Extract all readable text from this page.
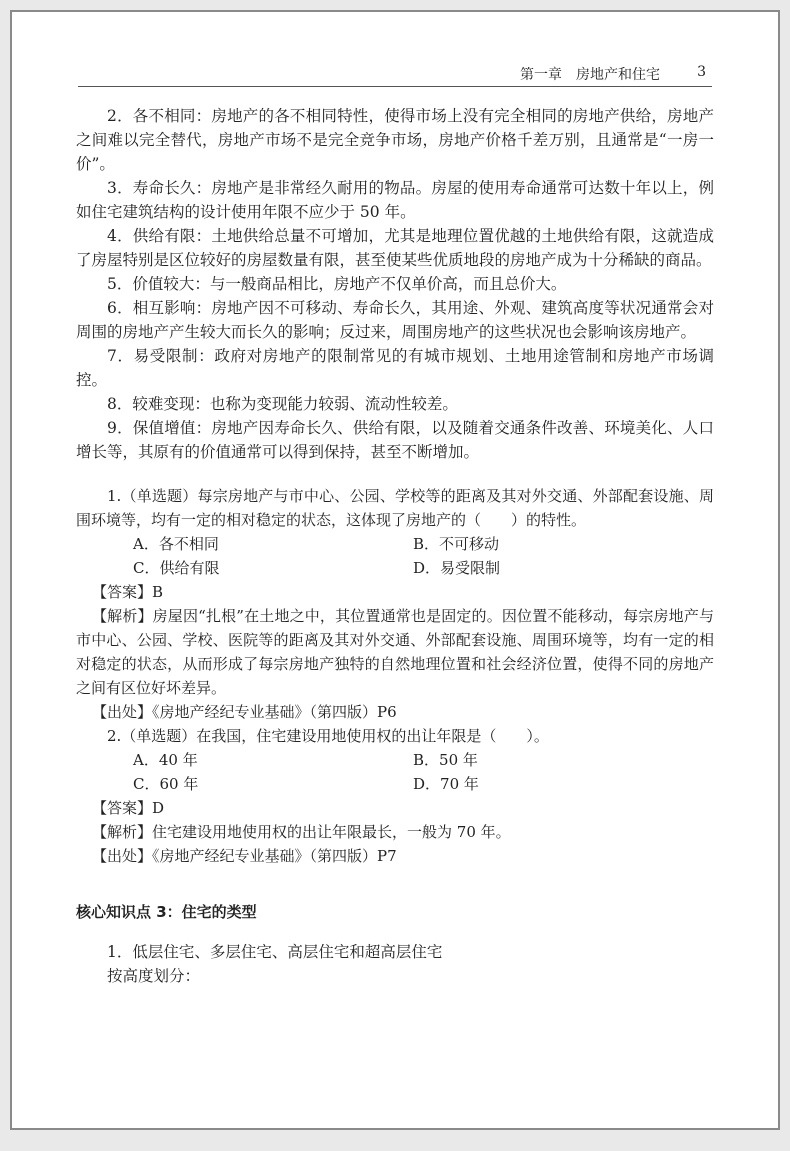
第一章　房地产和住宅	3

2．各不相同：房地产的各不相同特性，使得市场上没有完全相同的房地产供给，房地产之间难以完全替代，房地产市场不是完全竞争市场，房地产价格千差万别，且通常是“一房一价”。

3．寿命长久：房地产是非常经久耐用的物品。房屋的使用寿命通常可达数十年以上，例如住宅建筑结构的设计使用年限不应少于 50 年。

4．供给有限：土地供给总量不可增加，尤其是地理位置优越的土地供给有限，这就造成了房屋特别是区位较好的房屋数量有限，甚至使某些优质地段的房地产成为十分稀缺的商品。

5．价值较大：与一般商品相比，房地产不仅单价高，而且总价大。

6．相互影响：房地产因不可移动、寿命长久，其用途、外观、建筑高度等状况通常会对周围的房地产产生较大而长久的影响；反过来，周围房地产的这些状况也会影响该房地产。

7．易受限制：政府对房地产的限制常见的有城市规划、土地用途管制和房地产市场调控。

8．较难变现：也称为变现能力较弱、流动性较差。

9．保值增值：房地产因寿命长久、供给有限，以及随着交通条件改善、环境美化、人口增长等，其原有的价值通常可以得到保持，甚至不断增加。

1.（单选题）每宗房地产与市中心、公园、学校等的距离及其对外交通、外部配套设施、周围环境等，均有一定的相对稳定的状态，这体现了房地产的（　　）的特性。

A．各不相同	B．不可移动
C．供给有限	D．易受限制

【答案】B

【解析】房屋因“扎根”在土地之中，其位置通常也是固定的。因位置不能移动，每宗房地产与市中心、公园、学校、医院等的距离及其对外交通、外部配套设施、周围环境等，均有一定的相对稳定的状态，从而形成了每宗房地产独特的自然地理位置和社会经济位置，使得不同的房地产之间有区位好坏差异。

【出处】《房地产经纪专业基础》（第四版）P6

2.（单选题）在我国，住宅建设用地使用权的出让年限是（　　）。

A．40 年	B．50 年
C．60 年	D．70 年

【答案】D

【解析】住宅建设用地使用权的出让年限最长，一般为 70 年。

【出处】《房地产经纪专业基础》（第四版）P7

核心知识点 3：住宅的类型

1．低层住宅、多层住宅、高层住宅和超高层住宅

按高度划分：
